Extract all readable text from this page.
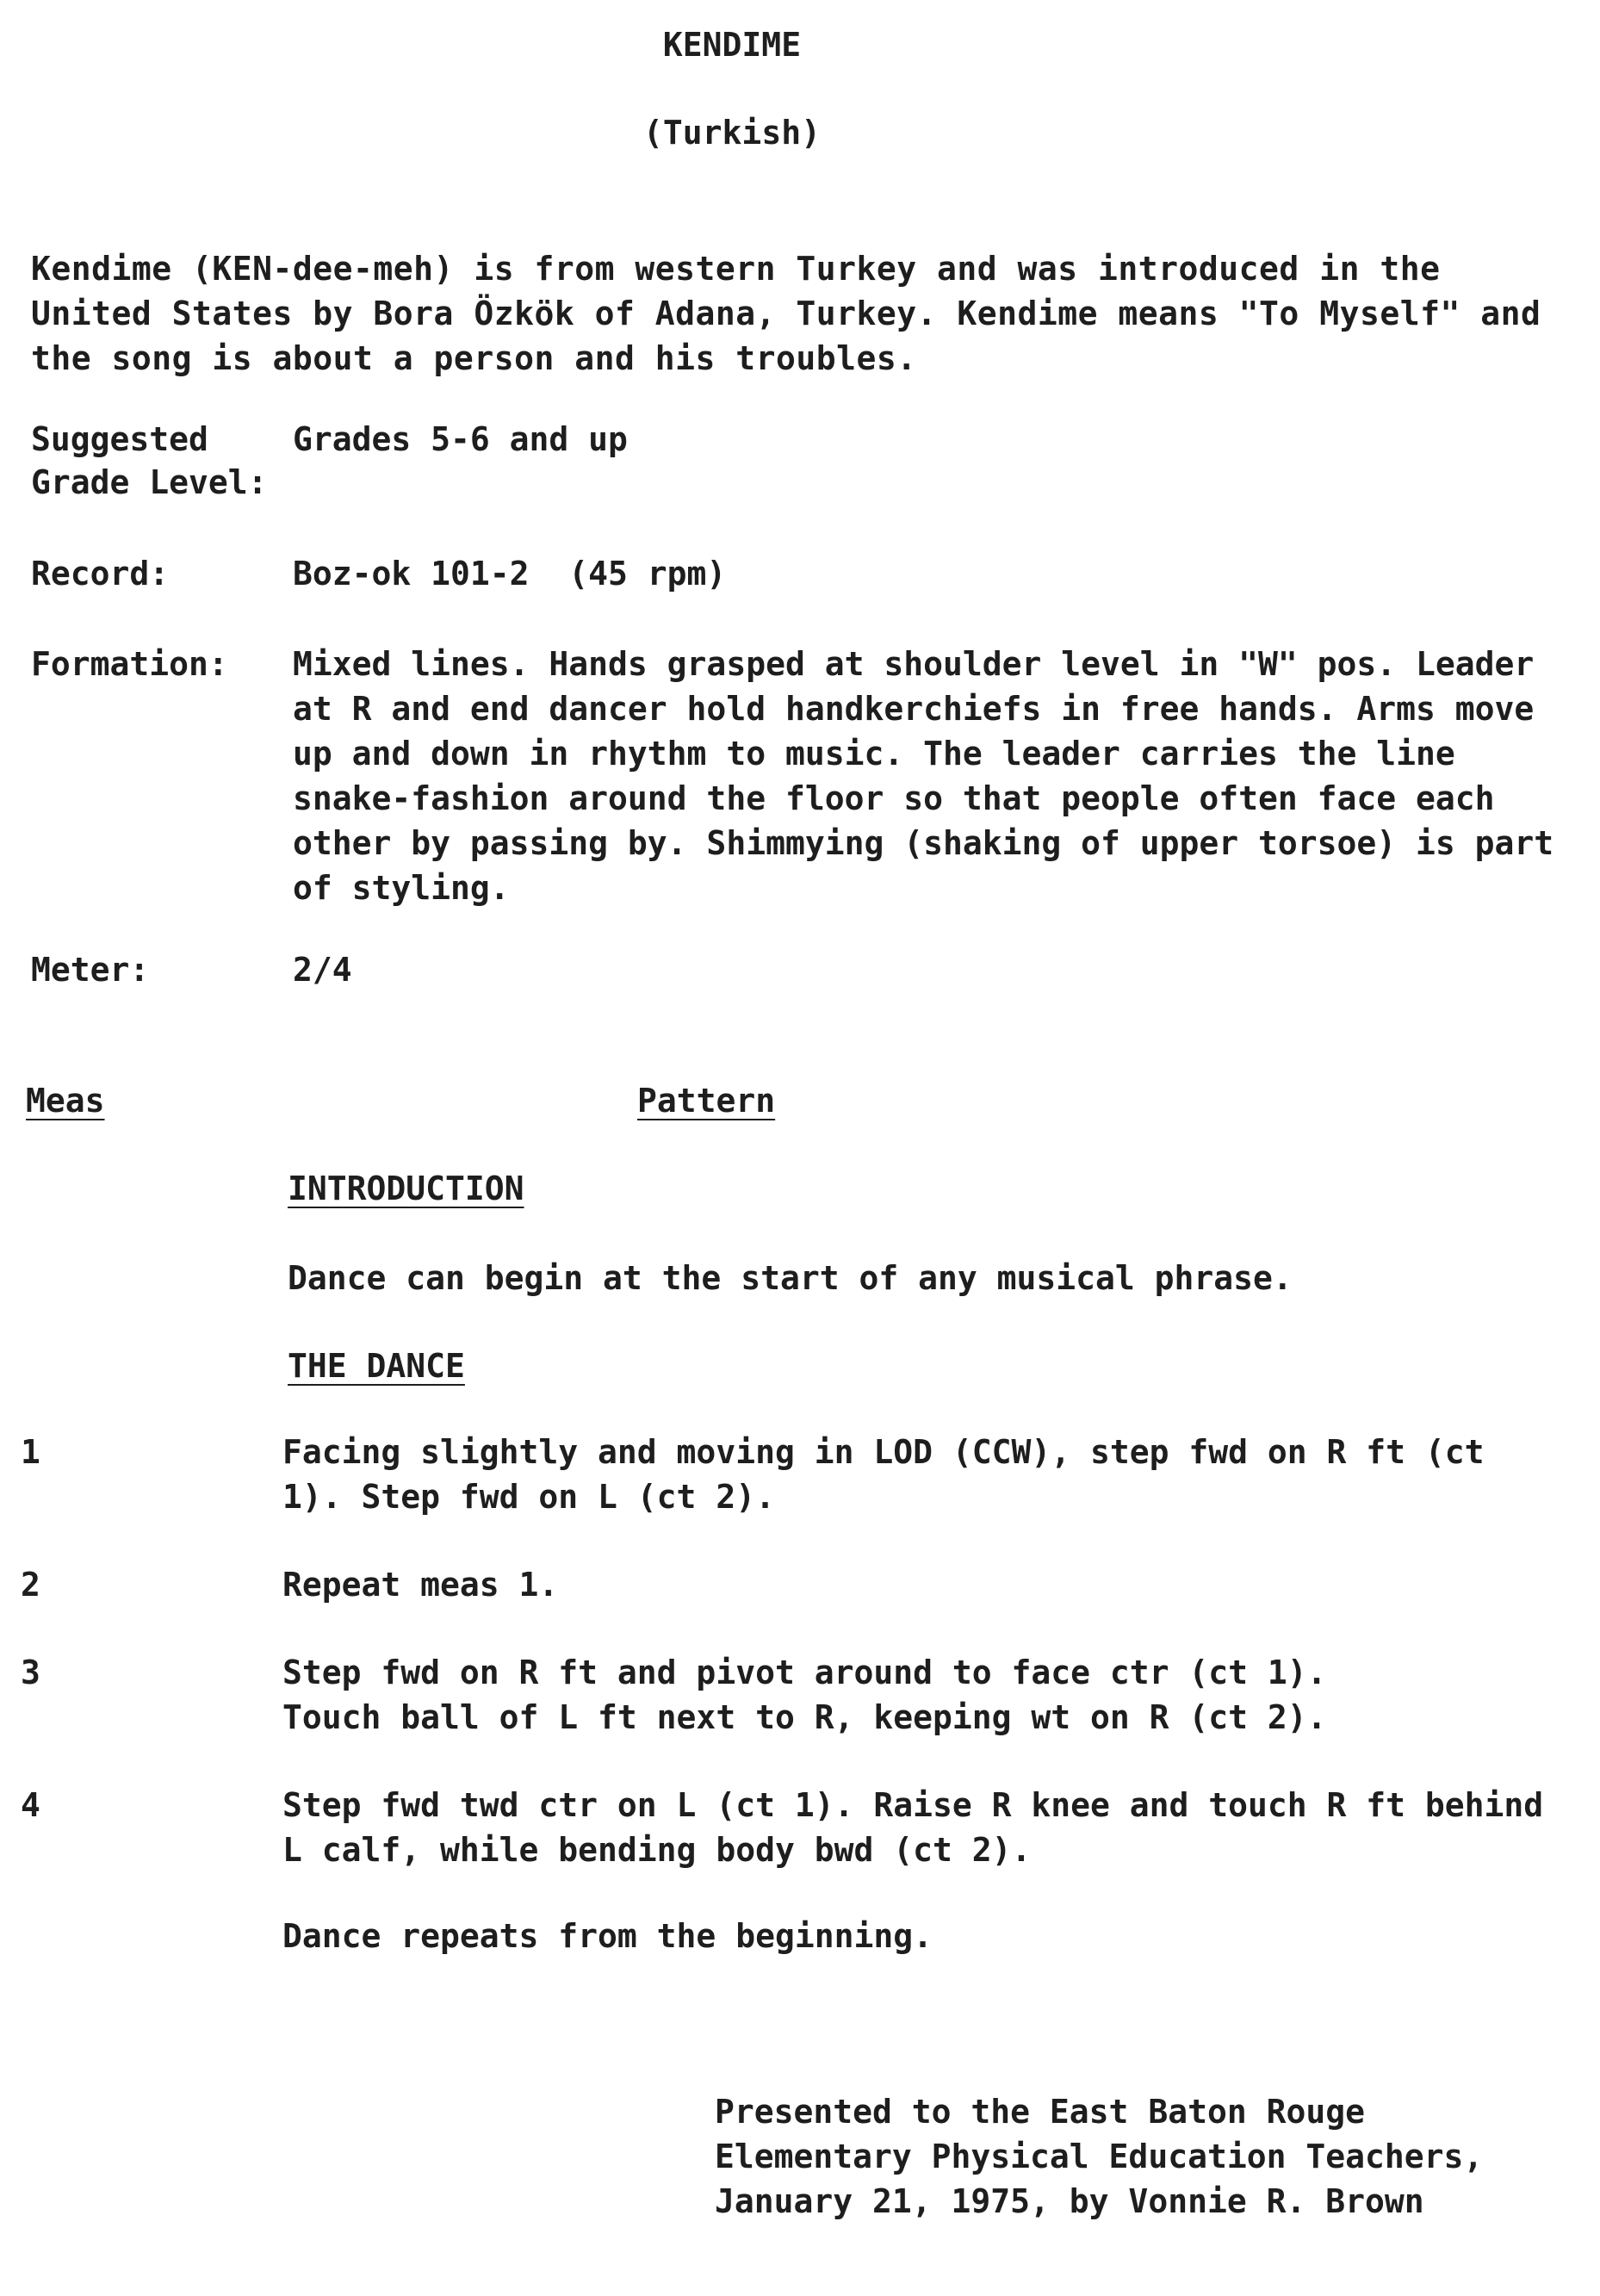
KENDIME
(Turkish)
Kendime (KEN-dee-meh) is from western Turkey and was introduced in the United States by Bora Özkök of Adana, Turkey. Kendime means "To Myself" and the song is about a person and his troubles.
Suggested	Grades 5-6 and up
Grade Level:
Record:	Boz-ok 101-2  (45 rpm)
Formation: Mixed lines. Hands grasped at shoulder level in "W" pos. Leader at R and end dancer hold handkerchiefs in free hands. Arms move up and down in rhythm to music. The leader carries the line snake-fashion around the floor so that people often face each other by passing by. Shimmying (shaking of upper torsoe) is part of styling.
Meter:	2/4
Meas	Pattern
INTRODUCTION
Dance can begin at the start of any musical phrase.
THE DANCE
1	Facing slightly and moving in LOD (CCW), step fwd on R ft (ct 1). Step fwd on L (ct 2).
2	Repeat meas 1.
3	Step fwd on R ft and pivot around to face ctr (ct 1).
Touch ball of L ft next to R, keeping wt on R (ct 2).
4	Step fwd twd ctr on L (ct 1). Raise R knee and touch R ft behind L calf, while bending body bwd (ct 2).
Dance repeats from the beginning.
Presented to the East Baton Rouge
Elementary Physical Education Teachers,
January 21, 1975, by Vonnie R. Brown
